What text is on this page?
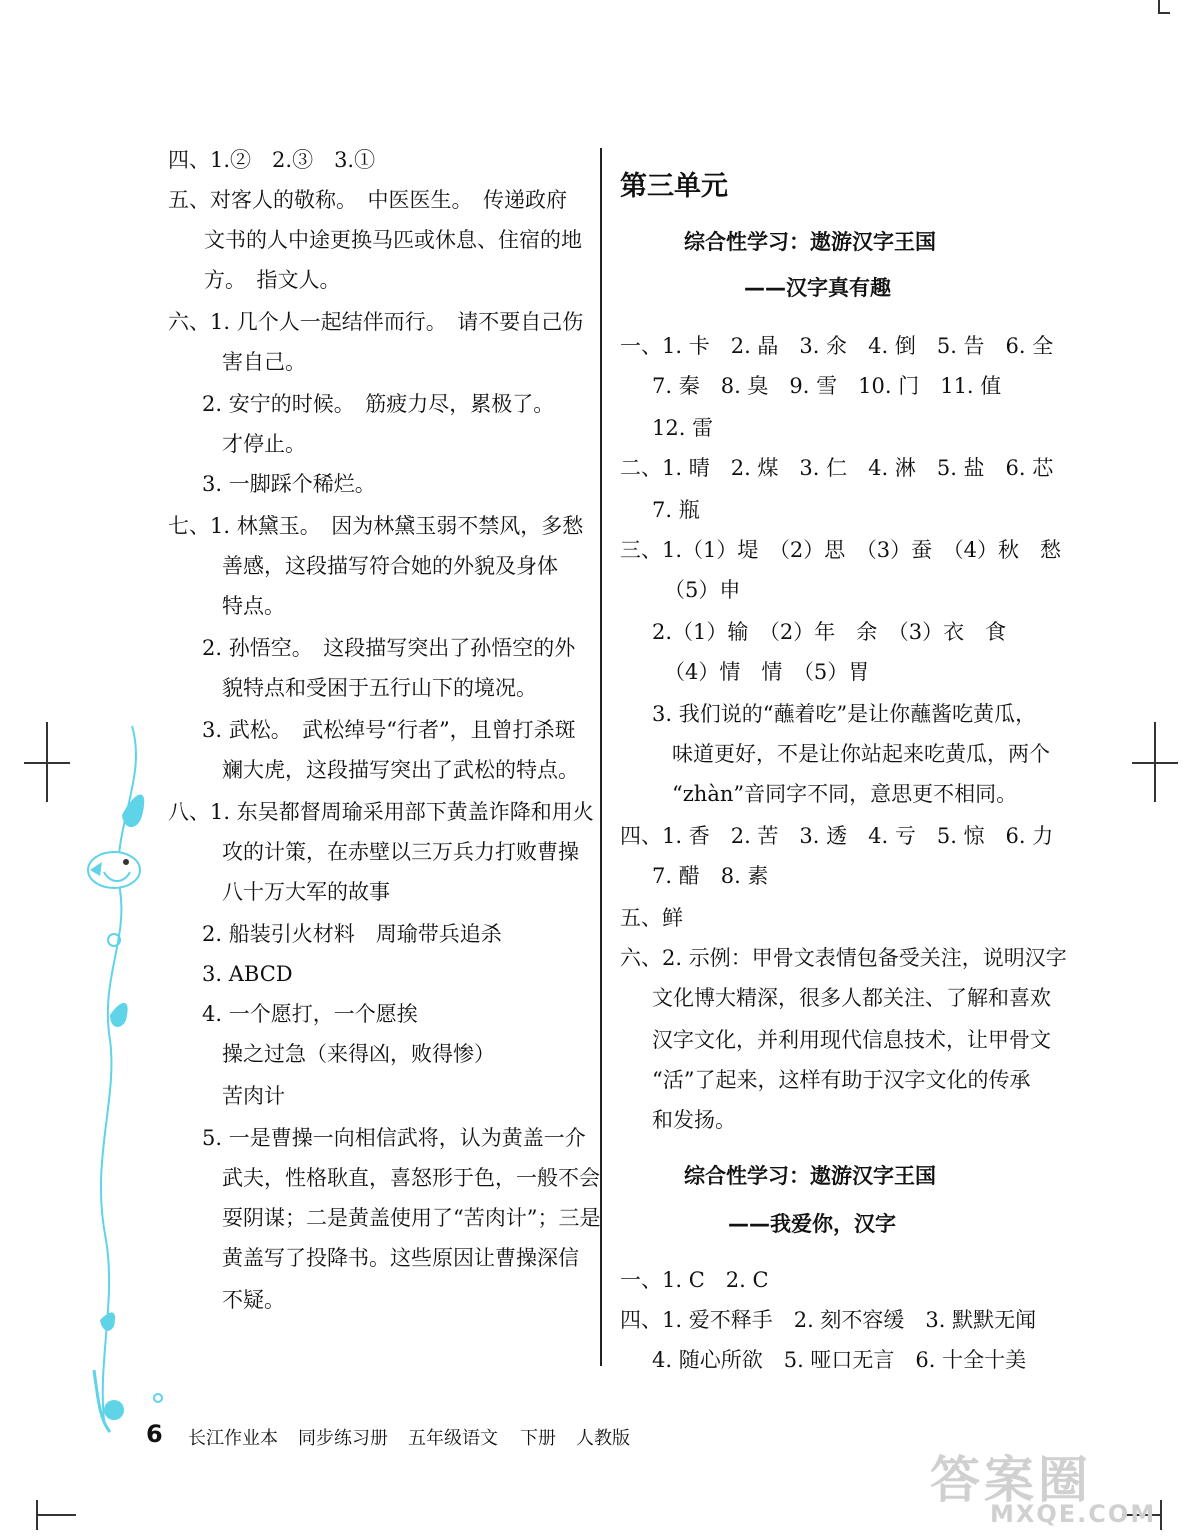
四、1.②　2.③　3.①
五、对客人的敬称。　中医医生。　传递政府
文书的人中途更换马匹或休息、住宿的地
方。　指文人。
六、1. 几个人一起结伴而行。　请不要自己伤
害自己。
2. 安宁的时候。　筋疲力尽，累极了。
才停止。
3. 一脚踩个稀烂。
七、1. 林黛玉。　因为林黛玉弱不禁风，多愁
善感，这段描写符合她的外貌及身体
特点。
2. 孙悟空。　这段描写突出了孙悟空的外
貌特点和受困于五行山下的境况。
3. 武松。　武松绰号“行者”，且曾打杀斑
斓大虎，这段描写突出了武松的特点。
八、1. 东吴都督周瑜采用部下黄盖诈降和用火
攻的计策，在赤壁以三万兵力打败曹操
八十万大军的故事
2. 船装引火材料　周瑜带兵追杀
3. ABCD
4. 一个愿打，一个愿挨
操之过急（来得凶，败得惨）
苦肉计
5. 一是曹操一向相信武将，认为黄盖一介
武夫，性格耿直，喜怒形于色，一般不会
耍阴谋；二是黄盖使用了“苦肉计”；三是
黄盖写了投降书。这些原因让曹操深信
不疑。
第三单元
综合性学习：遨游汉字王国
——汉字真有趣
一、1. 卡　2. 晶　3. 氽　4. 倒　5. 告　6. 全
7. 秦　8. 臭　9. 雪　10. 门　11. 值
12. 雷
二、1. 晴　2. 煤　3. 仁　4. 淋　5. 盐　6. 芯
7. 瓶
三、1.（1）堤　（2）思　（3）蚕　（4）秋　愁
（5）申
2.（1）输　（2）年　余　（3）衣　食
（4）情　情　（5）胃
3. 我们说的“蘸着吃”是让你蘸酱吃黄瓜，
味道更好，不是让你站起来吃黄瓜，两个
“zhàn”音同字不同，意思更不相同。
四、1. 香　2. 苦　3. 透　4. 亏　5. 惊　6. 力
7. 醋　8. 素
五、鲜
六、2. 示例：甲骨文表情包备受关注，说明汉字
文化博大精深，很多人都关注、了解和喜欢
汉字文化，并利用现代信息技术，让甲骨文
“活”了起来，这样有助于汉字文化的传承
和发扬。
综合性学习：遨游汉字王国
——我爱你，汉字
一、1. C　2. C
四、1. 爱不释手　2. 刻不容缓　3. 默默无闻
4. 随心所欲　5. 哑口无言　6. 十全十美
6 长江作业本 同步练习册 五年级语文 下册 人教版
答案圈
MXQE.COM
